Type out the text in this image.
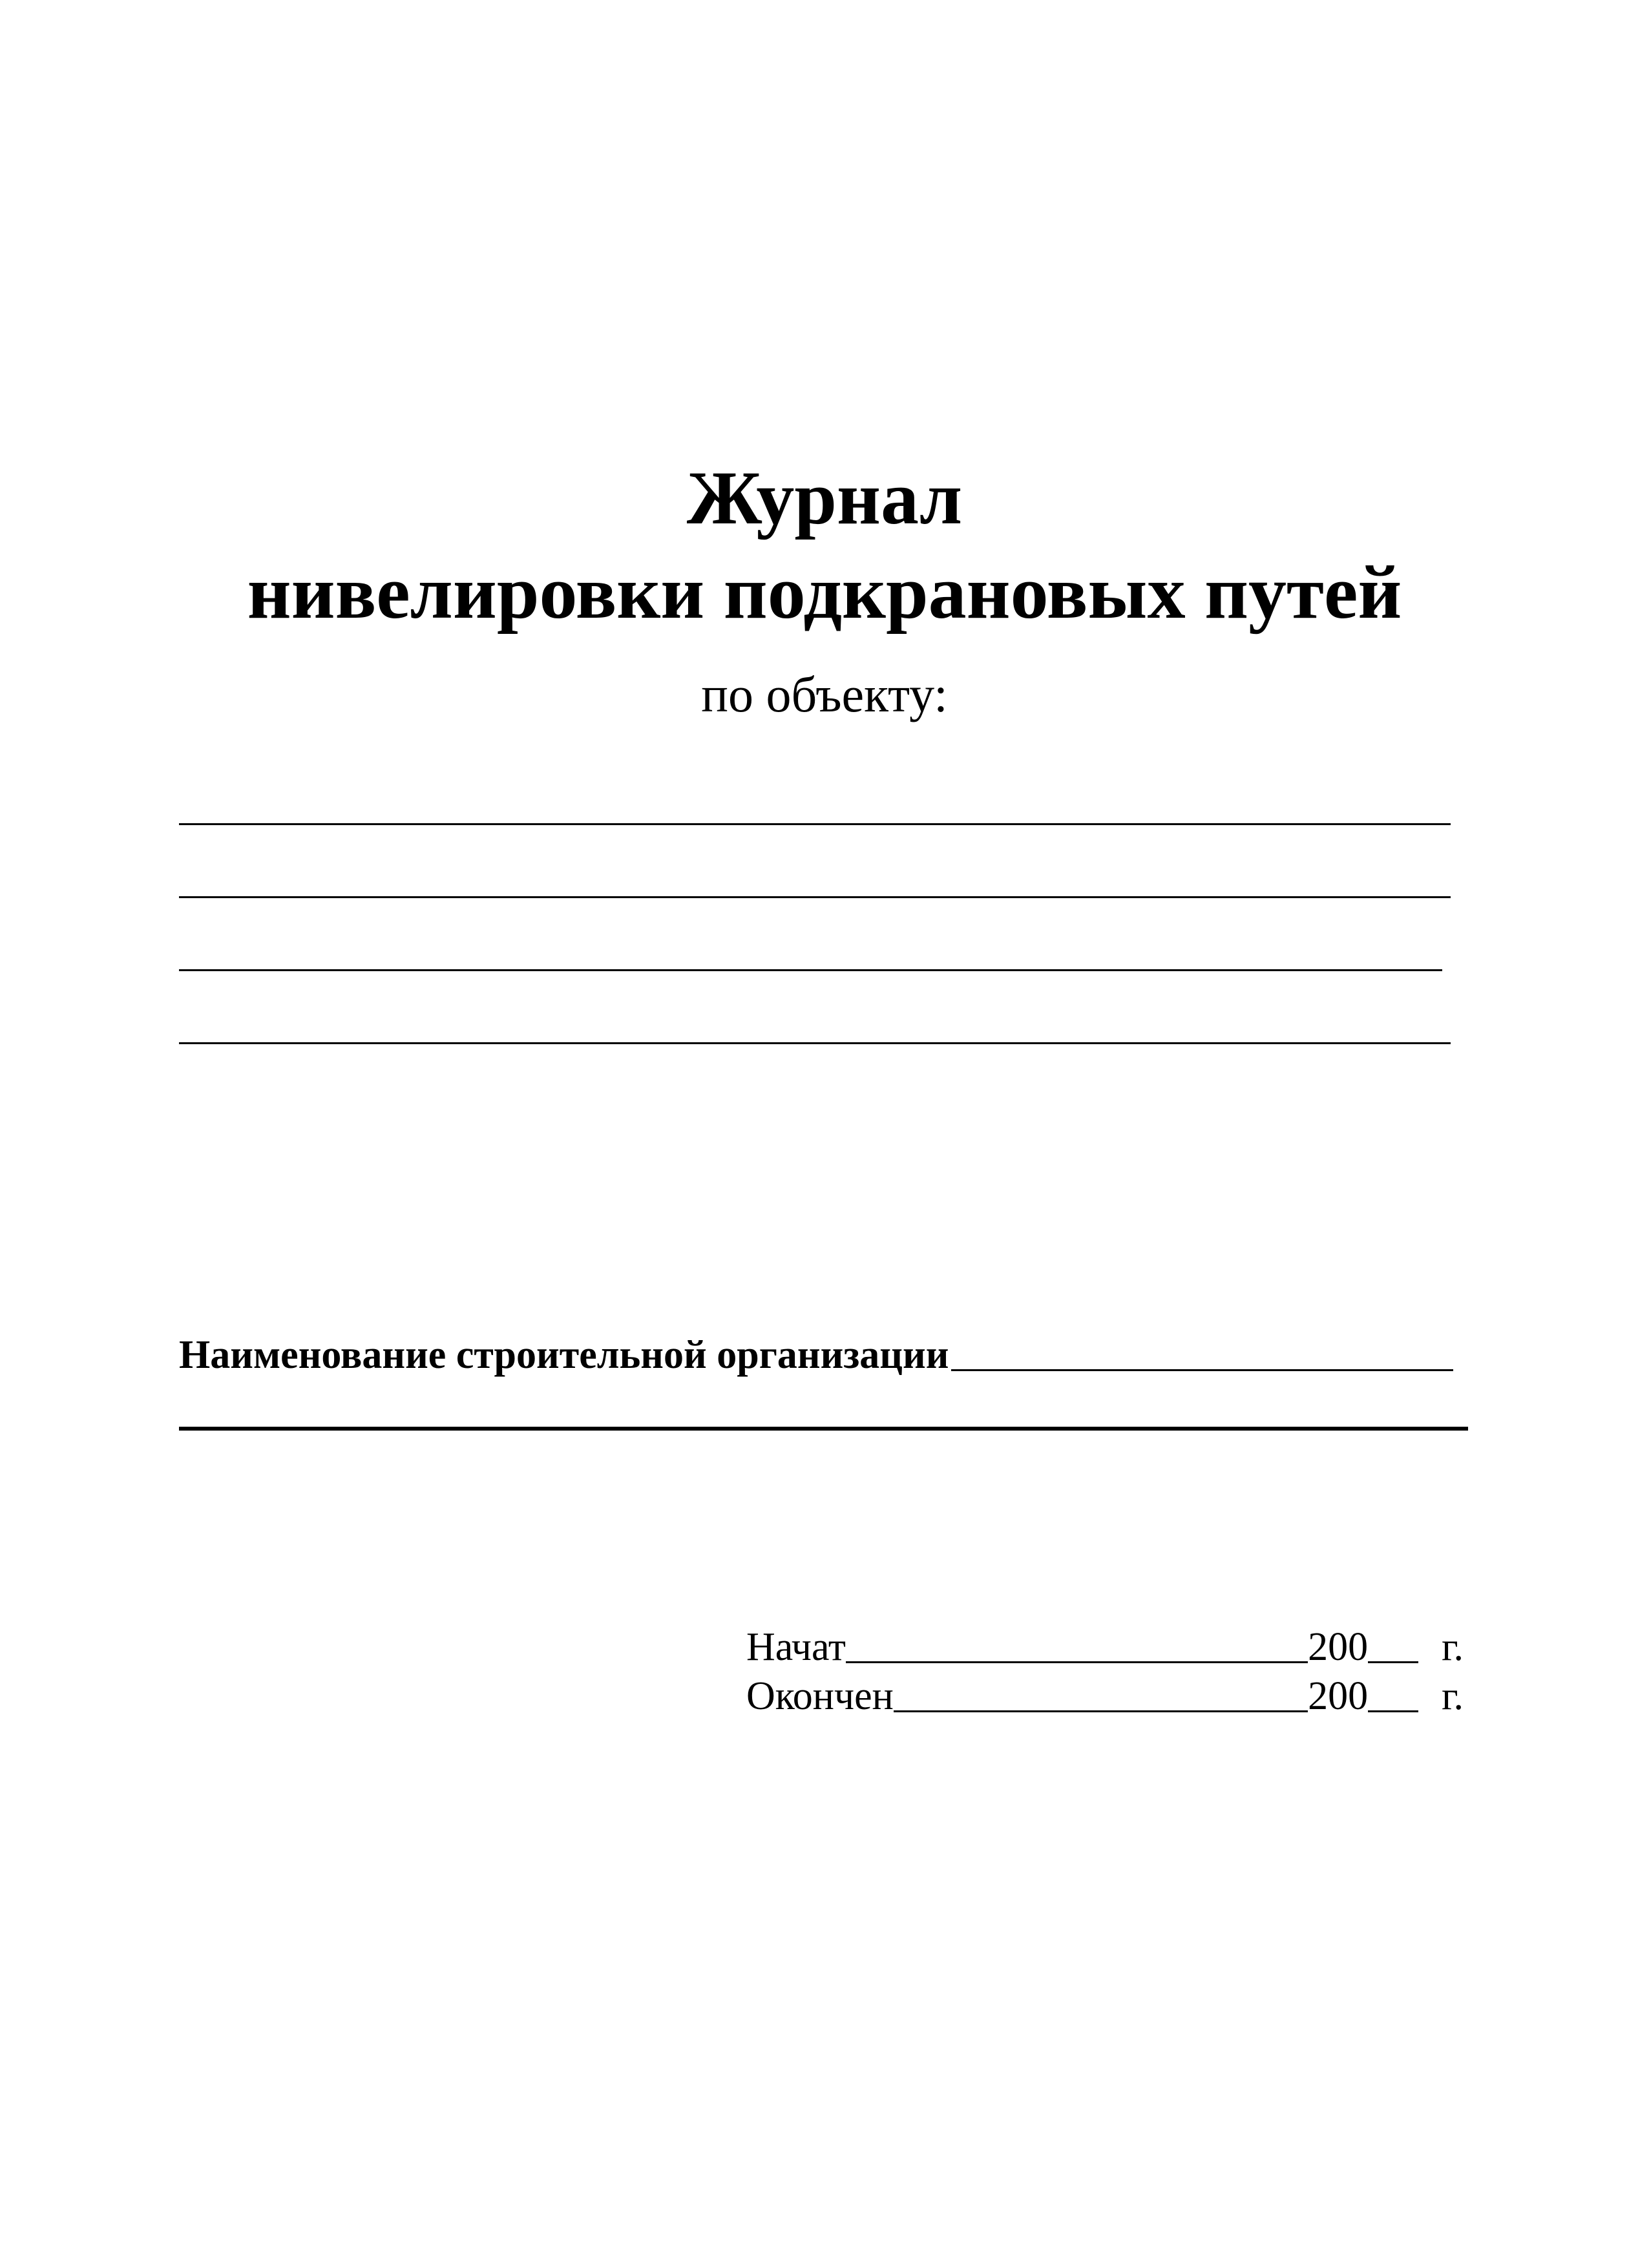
Журнал
нивелировки подкрановых путей
по объекту:
Наименование строительной организации
Начат	200 г.
Окончен	200 г.
